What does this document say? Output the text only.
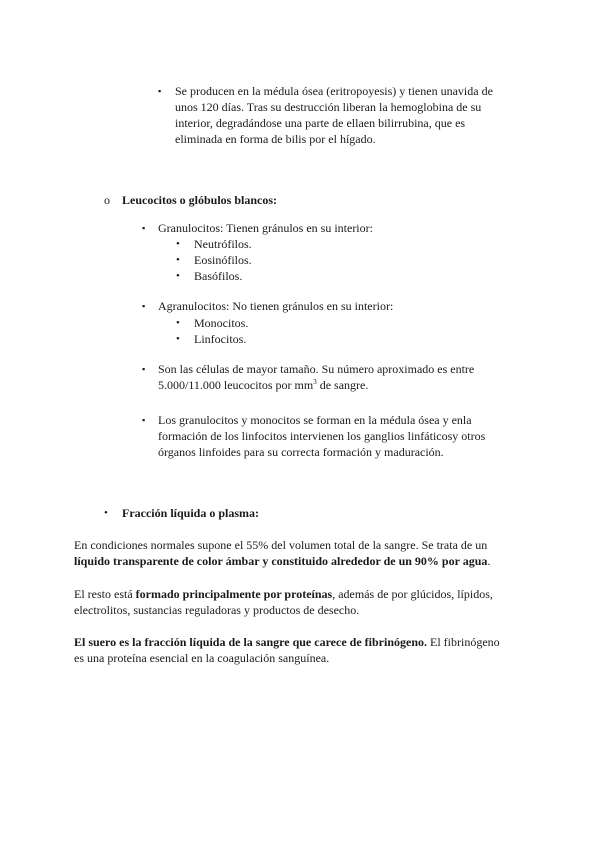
▪ Se producen en la médula ósea (eritropoyesis) y tienen unavida de
unos 120 días. Tras su destrucción liberan la hemoglobina de su
interior, degradándose una parte de ellaen bilirrubina, que es
eliminada en forma de bilis por el hígado.
o Leucocitos o glóbulos blancos:
▪ Granulocitos: Tienen gránulos en su interior:
• Neutrófilos.
• Eosinófilos.
• Basófilos.
▪ Agranulocitos: No tienen gránulos en su interior:
• Monocitos.
• Linfocitos.
▪ Son las células de mayor tamaño. Su número aproximado es entre
5.000/11.000 leucocitos por $mm^3$ de sangre.
▪ Los granulocitos y monocitos se forman en la médula ósea y enla
formación de los linfocitos intervienen los ganglios linfáticosy otros
órganos linfoides para su correcta formación y maduración.
• Fracción líquida o plasma:
En condiciones normales supone el 55% del volumen total de la sangre. Se trata de un
líquido transparente de color ámbar y constituido alrededor de un 90% por agua.
El resto está formado principalmente por proteínas, además de por glúcidos, lípidos,
electrolitos, sustancias reguladoras y productos de desecho.
El suero es la fracción líquida de la sangre que carece de fibrinógeno. El fibrinógeno
es una proteína esencial en la coagulación sanguínea.
